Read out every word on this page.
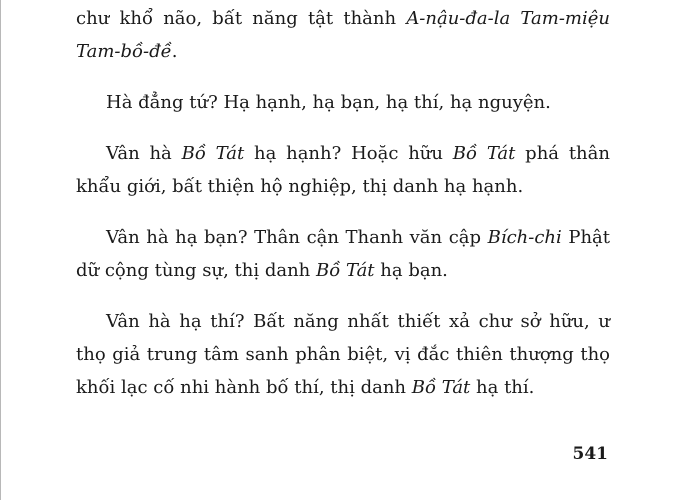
chư khổ não, bất năng tật thành A-nậu-đa-la Tam-miệu Tam-bồ-đề.

Hà đẳng tứ? Hạ hạnh, hạ bạn, hạ thí, hạ nguyện.

Vân hà Bồ Tát hạ hạnh? Hoặc hữu Bồ Tát phá thân khẩu giới, bất thiện hộ nghiệp, thị danh hạ hạnh.

Vân hà hạ bạn? Thân cận Thanh văn cập Bích-chi Phật dữ cộng tùng sự, thị danh Bồ Tát hạ bạn.

Vân hà hạ thí? Bất năng nhất thiết xả chư sở hữu, ư thọ giả trung tâm sanh phân biệt, vị đắc thiên thượng thọ khối lạc cố nhi hành bố thí, thị danh Bồ Tát hạ thí.

541
